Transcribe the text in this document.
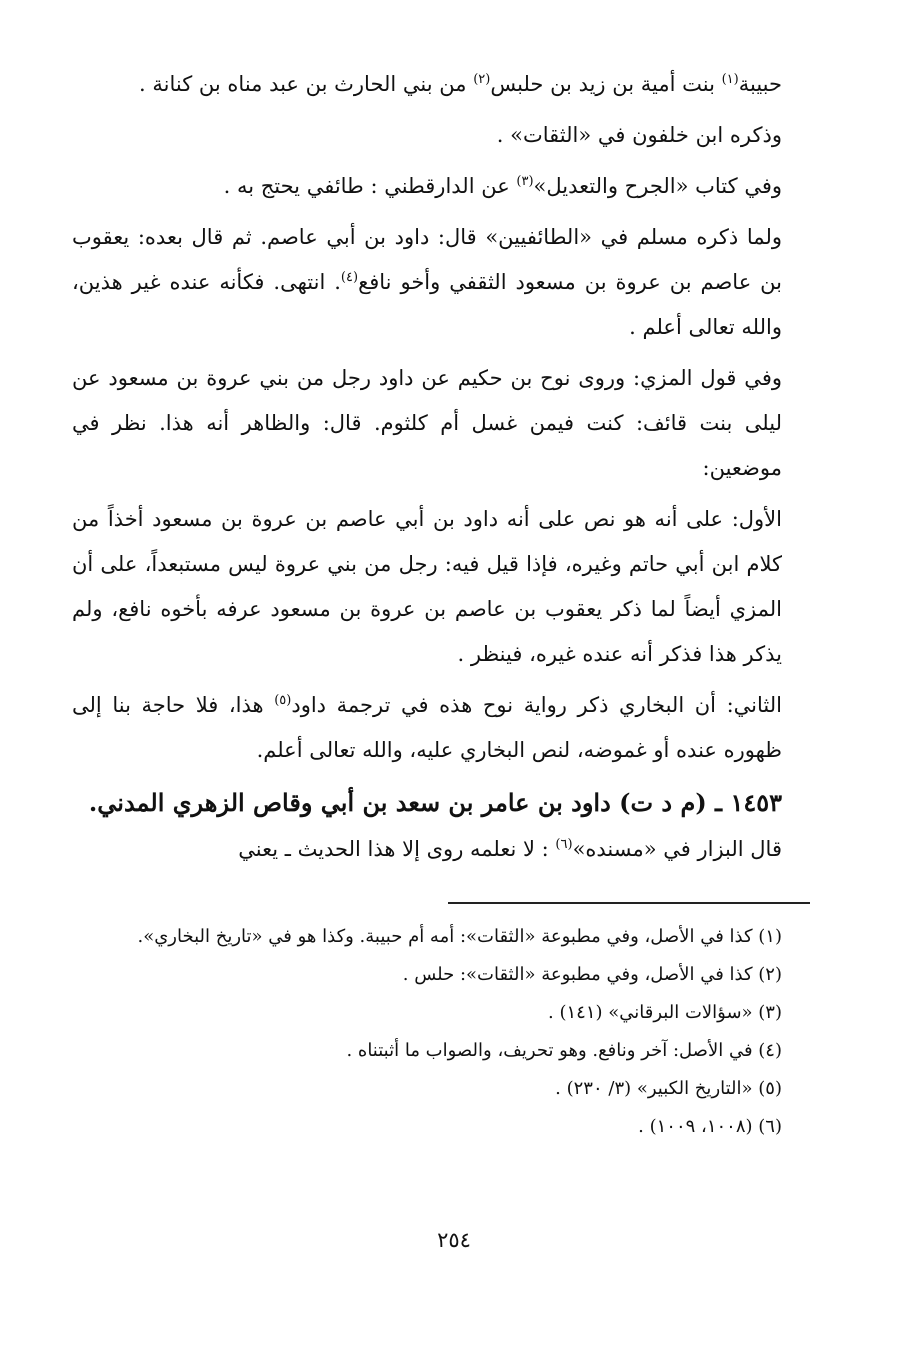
حبيبة$^{(١)}$ بنت أمية بن زيد بن حلبس$^{(٢)}$ من بني الحارث بن عبد مناه بن كنانة .

وذكره ابن خلفون في «الثقات» .

وفي كتاب «الجرح والتعديل»$^{(٣)}$ عن الدارقطني : طائفي يحتج به .

ولما ذكره مسلم في «الطائفيين» قال: داود بن أبي عاصم. ثم قال بعده: يعقوب بن عاصم بن عروة بن مسعود الثقفي وأخو نافع$^{(٤)}$. انتهى. فكأنه عنده غير هذين، والله تعالى أعلم .

وفي قول المزي: وروى نوح بن حكيم عن داود رجل من بني عروة بن مسعود عن ليلى بنت قائف: كنت فيمن غسل أم كلثوم. قال: والظاهر أنه هذا. نظر في موضعين:

الأول: على أنه هو نص على أنه داود بن أبي عاصم بن عروة بن مسعود أخذاً من كلام ابن أبي حاتم وغيره، فإذا قيل فيه: رجل من بني عروة ليس مستبعداً، على أن المزي أيضاً لما ذكر يعقوب بن عاصم بن عروة بن مسعود عرفه بأخوه نافع، ولم يذكر هذا فذكر أنه عنده غيره، فينظر .

الثاني: أن البخاري ذكر رواية نوح هذه في ترجمة داود$^{(٥)}$ هذا، فلا حاجة بنا إلى ظهوره عنده أو غموضه، لنص البخاري عليه، والله تعالى أعلم.

١٤٥٣ ـ (م د ت) داود بن عامر بن سعد بن أبي وقاص الزهري المدني.

قال البزار في «مسنده»$^{(٦)}$ : لا نعلمه روى إلا هذا الحديث ـ يعني

(١) كذا في الأصل، وفي مطبوعة «الثقات»: أمه أم حبيبة. وكذا هو في «تاريخ البخاري».

(٢) كذا في الأصل، وفي مطبوعة «الثقات»: حلس .

(٣) «سؤالات البرقاني» (١٤١) .

(٤) في الأصل: آخر ونافع. وهو تحريف، والصواب ما أثبتناه .

(٥) «التاريخ الكبير» (٣/ ٢٣٠) .

(٦) (١٠٠٨، ١٠٠٩) .

٢٥٤
